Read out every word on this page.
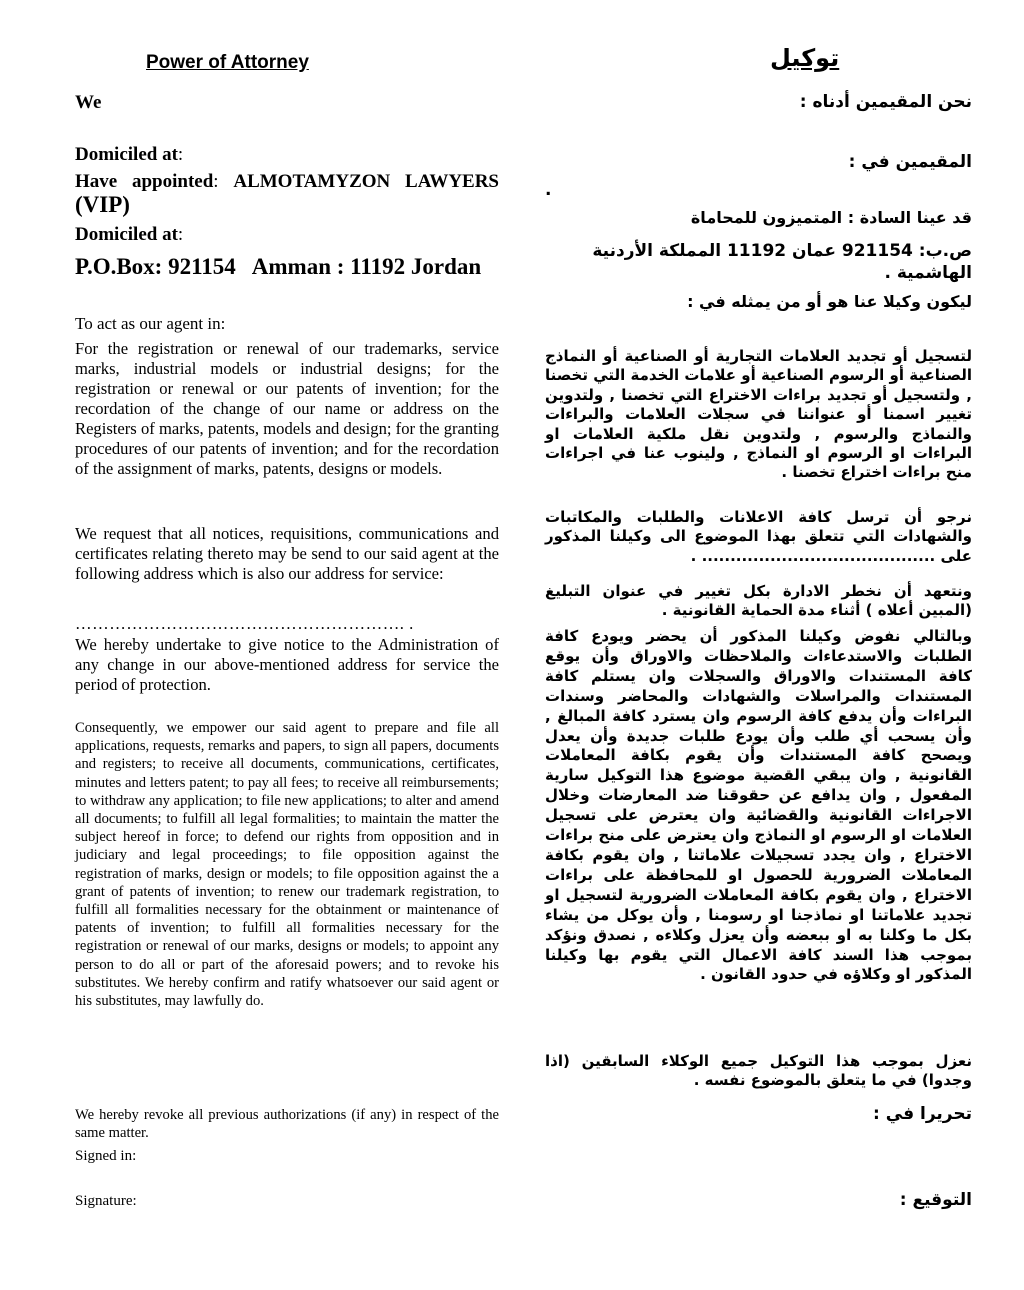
Power of Attorney
We
Domiciled at:
Have appointed: ALMOTAMYZON LAWYERS (VIP)
Domiciled at:
P.O.Box: 921154   Amman : 11192 Jordan
To act as our agent in:
For the registration or renewal of our trademarks, service marks, industrial models or industrial designs; for the registration or renewal or our patents of invention; for the recordation of the change of our name or address on the Registers of marks, patents, models and design; for the granting procedures of our patents of invention; and for the recordation of the assignment of marks, patents, designs or models.
We request that all notices, requisitions, communications and certificates relating thereto may be send to our said agent at the following address which is also our address for service:
…………………………………………………. .
We hereby undertake to give notice to the Administration of any change in our above-mentioned address for service the period of protection.
Consequently, we empower our said agent to prepare and file all applications, requests, remarks and papers, to sign all papers, documents and registers; to receive all documents, communications, certificates, minutes and letters patent; to pay all fees; to receive all reimbursements; to withdraw any application; to file new applications; to alter and amend all documents; to fulfill all legal formalities; to maintain the matter the subject hereof in force; to defend our rights from opposition and in judiciary and legal proceedings; to file opposition against the registration of marks, design or models; to file opposition against the a grant of patents of invention; to renew our trademark registration, to fulfill all formalities necessary for the obtainment or maintenance of patents of invention; to fulfill all formalities necessary for the registration or renewal of our marks, designs or models; to appoint any person to do all or part of the aforesaid powers; and to revoke his substitutes. We hereby confirm and ratify whatsoever our said agent or his substitutes, may lawfully do.
We hereby revoke all previous authorizations (if any) in respect of the same matter.
Signed in:
Signature:
توكيل
نحن المقيمين أدناه :
المقيمين في :
.
قد عينا السادة : المتميزون للمحاماة
ص.ب: 921154 عمان 11192 المملكة الأردنية الهاشمية .
ليكون وكيلا عنا هو أو من يمثله في :
لتسجيل أو تجديد العلامات التجارية أو الصناعية أو النماذج الصناعية أو الرسوم الصناعية أو علامات الخدمة التي تخصنا , ولتسجيل أو تجديد براءات الاختراع التي تخصنا , ولتدوين تغيير اسمنا أو عنواننا في سجلات العلامات والبراءات والنماذج والرسوم , ولتدوين نقل ملكية العلامات او البراءات او الرسوم او النماذج , ولينوب عنا في اجراءات منح براءات اختراع تخصنا .
نرجو أن ترسل كافة الاعلانات والطلبات والمكاتبات والشهادات التي تتعلق بهذا الموضوع الى وكيلنا المذكور على ......................................... .
ونتعهد أن نخطر الادارة بكل تغيير في عنوان التبليغ (المبين أعلاه ) أثناء مدة الحماية القانونية .
وبالتالي نفوض وكيلنا المذكور أن يحضر ويودع كافة الطلبات والاستدعاءات والملاحظات والاوراق وأن يوقع كافة المستندات والاوراق والسجلات وان يستلم كافة المستندات والمراسلات والشهادات والمحاضر وسندات البراءات وأن يدفع كافة الرسوم وان يسترد كافة المبالغ , وأن يسحب أي طلب وأن يودع طلبات جديدة وأن يعدل ويصحح كافة المستندات وأن يقوم بكافة المعاملات القانونية , وان يبقي القضية موضوع هذا التوكيل سارية المفعول , وان يدافع عن حقوقنا ضد المعارضات وخلال الاجراءات القانونية والقضائية وان يعترض على تسجيل العلامات او الرسوم او النماذج وان يعترض على منح براءات الاختراع , وان يجدد تسجيلات علاماتنا , وان يقوم بكافة المعاملات الضرورية للحصول او للمحافظة على براءات الاختراع , وان يقوم بكافة المعاملات الضرورية لتسجيل او تجديد علاماتنا او نماذجنا او رسومنا , وأن يوكل من يشاء بكل ما وكلنا به او ببعضه وأن يعزل وكلاءه , نصدق ونؤكد بموجب هذا السند كافة الاعمال التي يقوم بها وكيلنا المذكور او وكلاؤه في حدود القانون .
نعزل بموجب هذا التوكيل جميع الوكلاء السابقين (اذا وجدوا) في ما يتعلق بالموضوع نفسه .
تحريرا في :
التوقيع :
